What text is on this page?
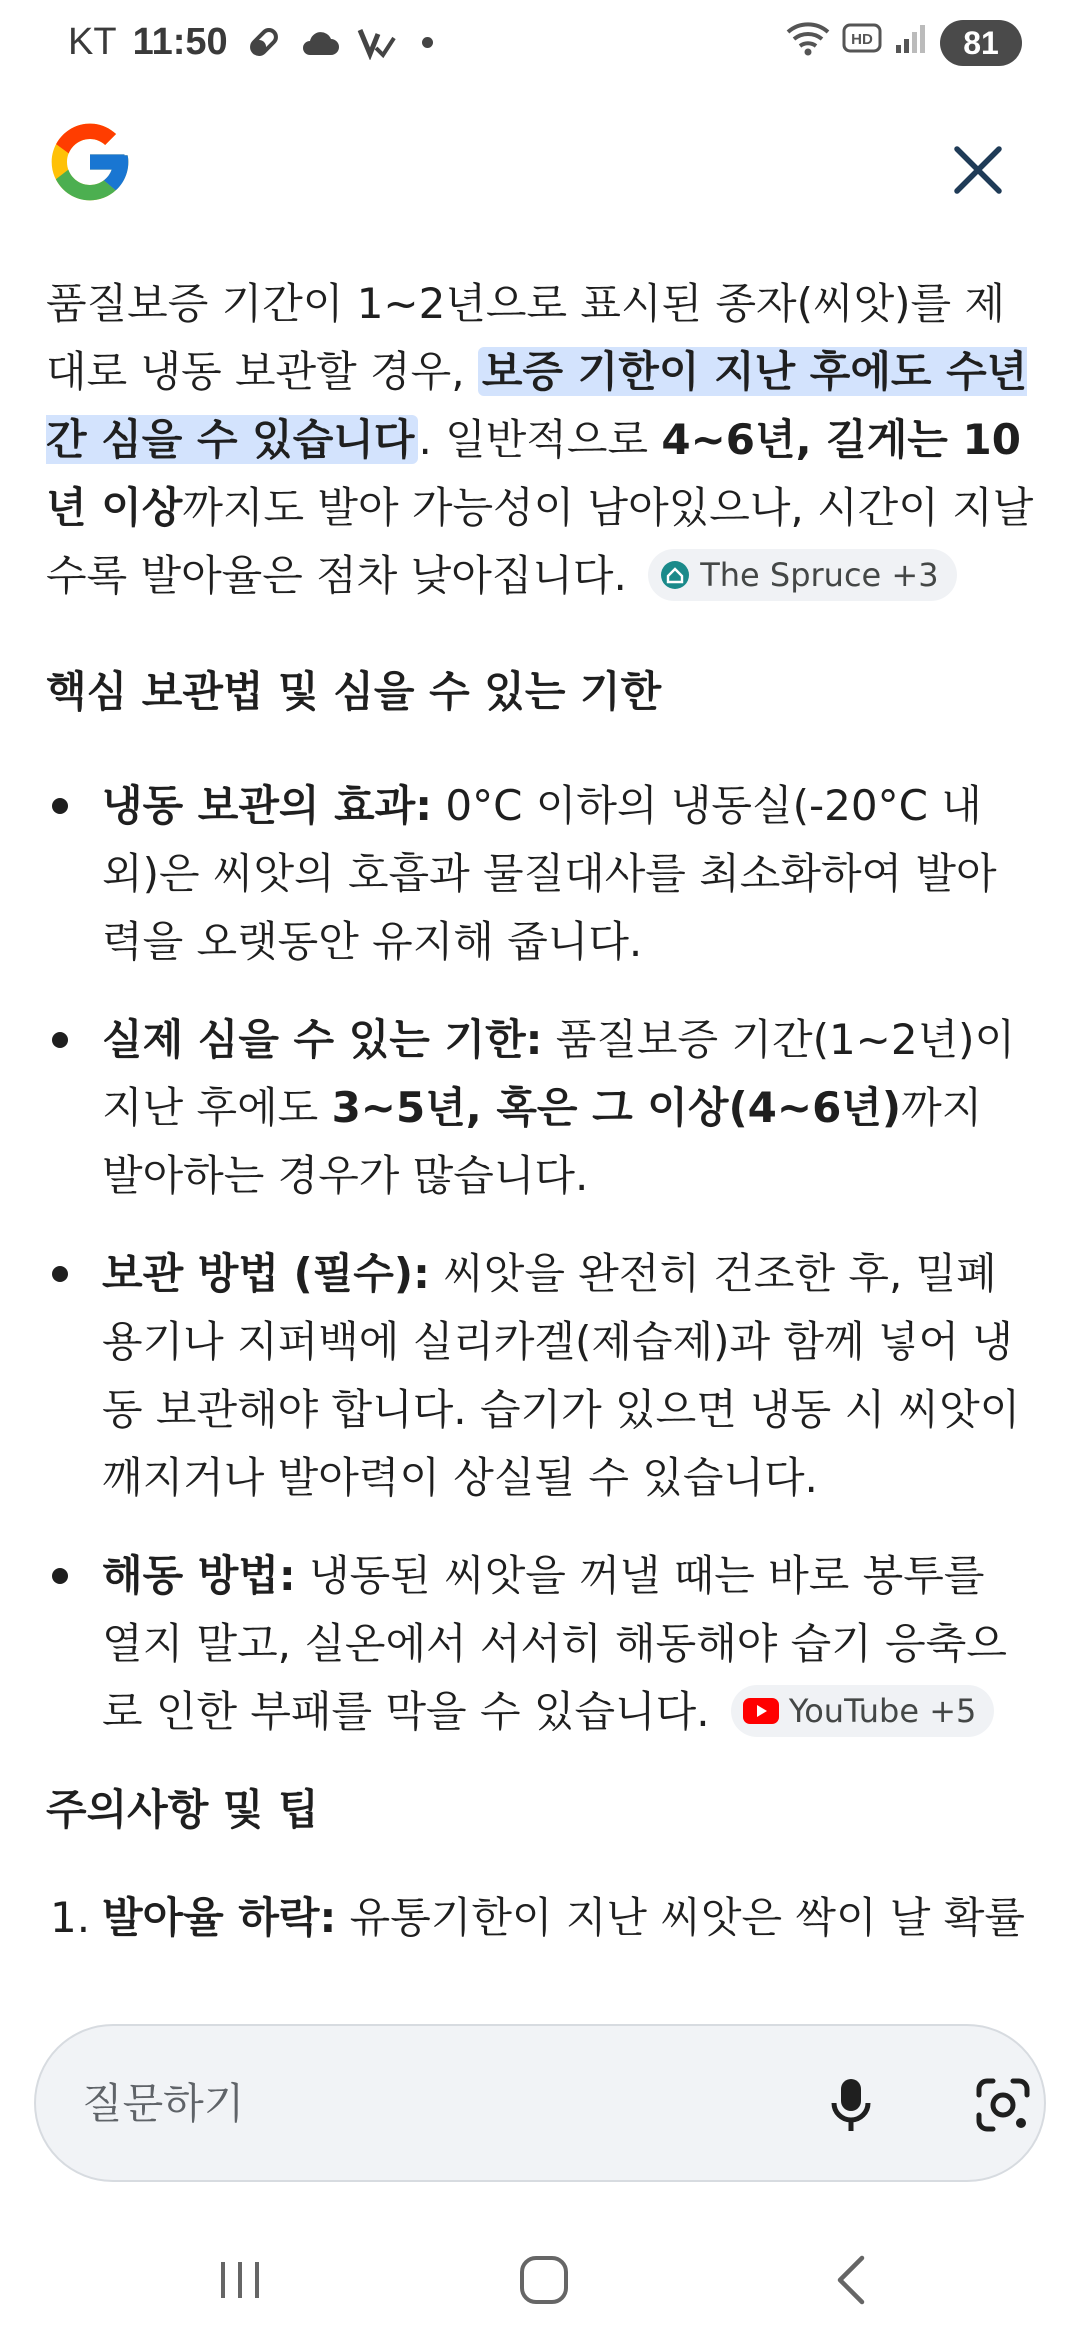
KT 11:50	HD	81

품질보증 기간이 1~2년으로 표시된 종자(씨앗)를 제대로 냉동 보관할 경우, 보증 기한이 지난 후에도 수년간 심을 수 있습니다. 일반적으로 4~6년, 길게는 10년 이상까지도 발아 가능성이 남아있으나, 시간이 지날수록 발아율은 점차 낮아집니다. The Spruce +3

핵심 보관법 및 심을 수 있는 기한
냉동 보관의 효과: 0°C 이하의 냉동실(-20°C 내외)은 씨앗의 호흡과 물질대사를 최소화하여 발아력을 오랫동안 유지해 줍니다.
실제 심을 수 있는 기한: 품질보증 기간(1~2년)이 지난 후에도 3~5년, 혹은 그 이상(4~6년)까지 발아하는 경우가 많습니다.
보관 방법 (필수): 씨앗을 완전히 건조한 후, 밀폐 용기나 지퍼백에 실리카겔(제습제)과 함께 넣어 냉동 보관해야 합니다. 습기가 있으면 냉동 시 씨앗이 깨지거나 발아력이 상실될 수 있습니다.
해동 방법: 냉동된 씨앗을 꺼낼 때는 바로 봉투를 열지 말고, 실온에서 서서히 해동해야 습기 응축으로 인한 부패를 막을 수 있습니다. YouTube +5
주의사항 및 팁
1. 발아율 하락: 유통기한이 지난 씨앗은 싹이 날 확률
질문하기
